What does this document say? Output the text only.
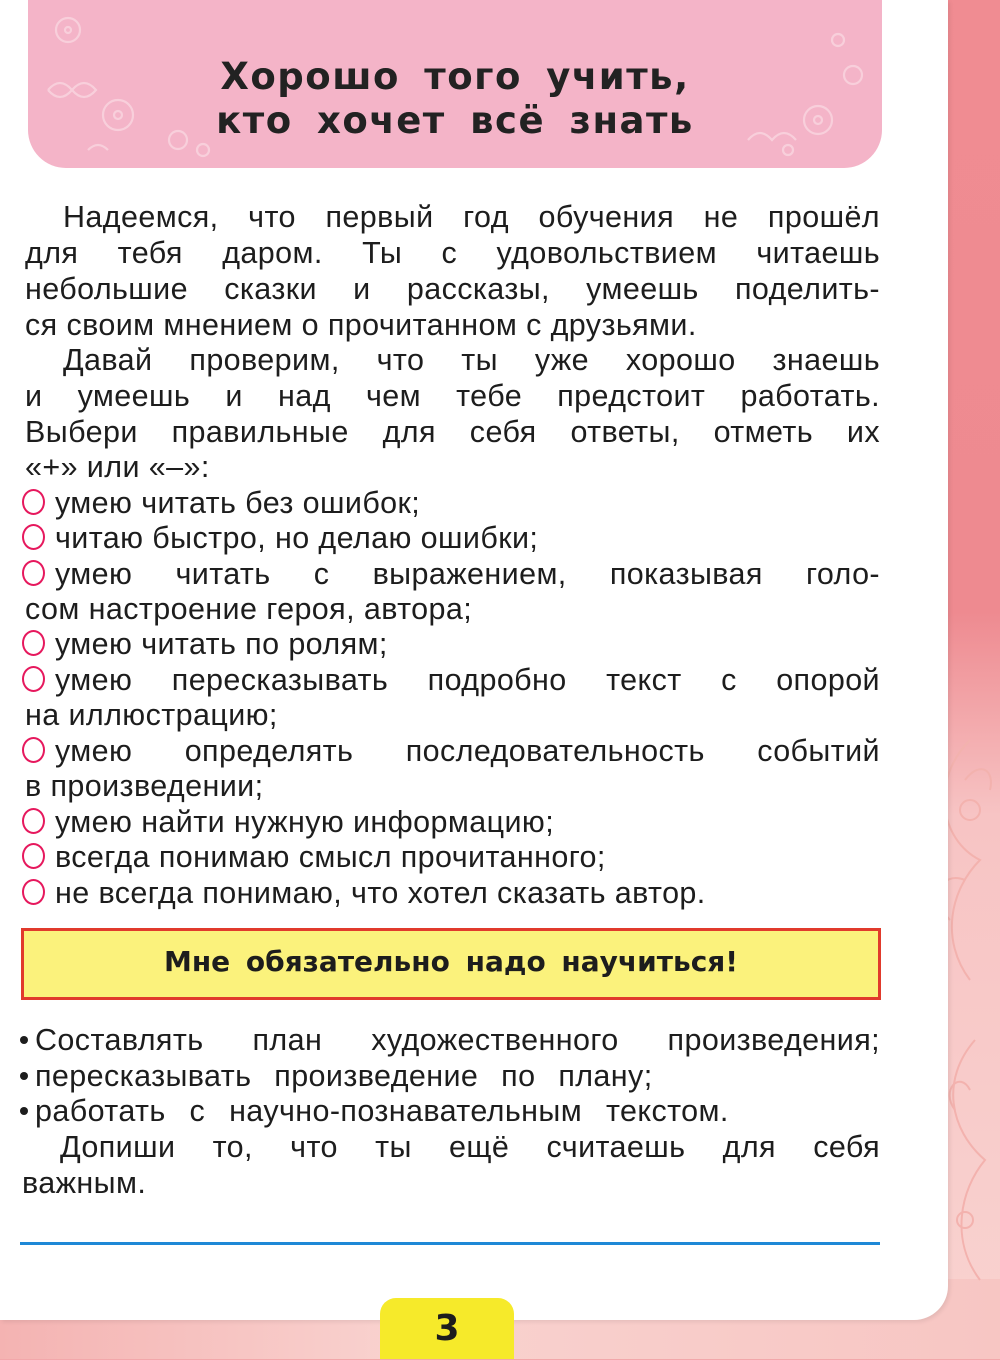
Хорошо того учить,
кто хочет всё знать
Надеемся, что первый год обучения не прошёл
для тебя даром. Ты с удовольствием читаешь
небольшие сказки и рассказы, умеешь поделить-
ся своим мнением о прочитанном с друзьями.
Давай проверим, что ты уже хорошо знаешь
и умеешь и над чем тебе предстоит работать.
Выбери правильные для себя ответы, отметь их
«+» или «–»:
умею читать без ошибок;
читаю быстро, но делаю ошибки;
умею читать с выражением, показывая голо-
сом настроение героя, автора;
умею читать по ролям;
умею пересказывать подробно текст с опорой
на иллюстрацию;
умею определять последовательность событий
в произведении;
умею найти нужную информацию;
всегда понимаю смысл прочитанного;
не всегда понимаю, что хотел сказать автор.
Мне обязательно надо научиться!
Составлять план художественного произведения;
пересказывать произведение по плану;
работать с научно-познавательным текстом.
Допиши то, что ты ещё считаешь для себя
важным.
3
